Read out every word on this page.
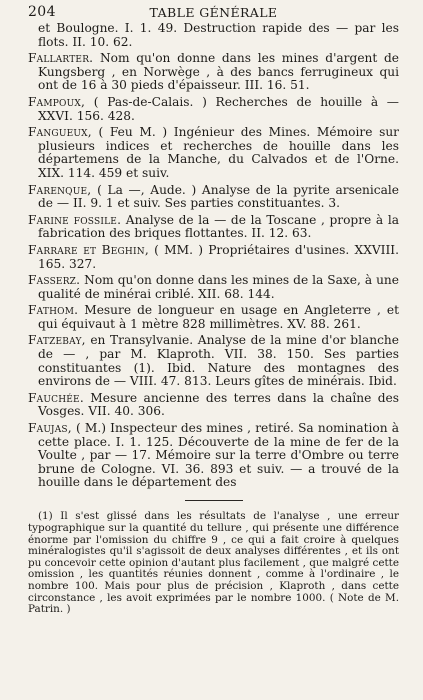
204	TABLE GÉNÉRALE

et Boulogne. I. 1. 49. Destruction rapide des — par les flots. II. 10. 62.

Fallarter. Nom qu'on donne dans les mines d'argent de Kungsberg , en Norwège , à des bancs ferrugineux qui ont de 16 à 30 pieds d'épaisseur. III. 16. 51.

Fampoux, ( Pas-de-Calais. ) Recherches de houille à — XXVI. 156. 428.

Fangueux, ( Feu M. ) Ingénieur des Mines. Mémoire sur plusieurs indices et recherches de houille dans les départemens de la Manche, du Calvados et de l'Orne. XIX. 114. 459 et suiv.

Farenque, ( La —, Aude. ) Analyse de la pyrite arsenicale de — II. 9. 1 et suiv. Ses parties constituantes. 3.

Farine fossile. Analyse de la — de la Toscane , propre à la fabrication des briques flottantes. II. 12. 63.

Farrare et Beghin, ( MM. ) Propriétaires d'usines. XXVIII. 165. 327.

Fasserz. Nom qu'on donne dans les mines de la Saxe, à une qualité de minérai criblé. XII. 68. 144.

Fathom. Mesure de longueur en usage en Angleterre , et qui équivaut à 1 mètre 828 millimètres. XV. 88. 261.

Fatzebay, en Transylvanie. Analyse de la mine d'or blanche de — , par M. Klaproth. VII. 38. 150. Ses parties constituantes (1). Ibid. Nature des montagnes des environs de — VIII. 47. 813. Leurs gîtes de minérais. Ibid.

Fauchée. Mesure ancienne des terres dans la chaîne des Vosges. VII. 40. 306.

Faujas, ( M.) Inspecteur des mines , retiré. Sa nomination à cette place. I. 1. 125. Découverte de la mine de fer de la Voulte , par — 17. Mémoire sur la terre d'Ombre ou terre brune de Cologne. VI. 36. 893 et suiv. — a trouvé de la houille dans le département des

(1) Il s'est glissé dans les résultats de l'analyse , une erreur typographique sur la quantité du tellure , qui présente une différence énorme par l'omission du chiffre 9 , ce qui a fait croire à quelques minéralogistes qu'il s'agissoit de deux analyses différentes , et ils ont pu concevoir cette opinion d'autant plus facilement , que malgré cette omission , les quantités réunies donnent , comme à l'ordinaire , le nombre 100. Mais pour plus de précision , Klaproth , dans cette circonstance , les avoit exprimées par le nombre 1000. ( Note de M. Patrin. )
